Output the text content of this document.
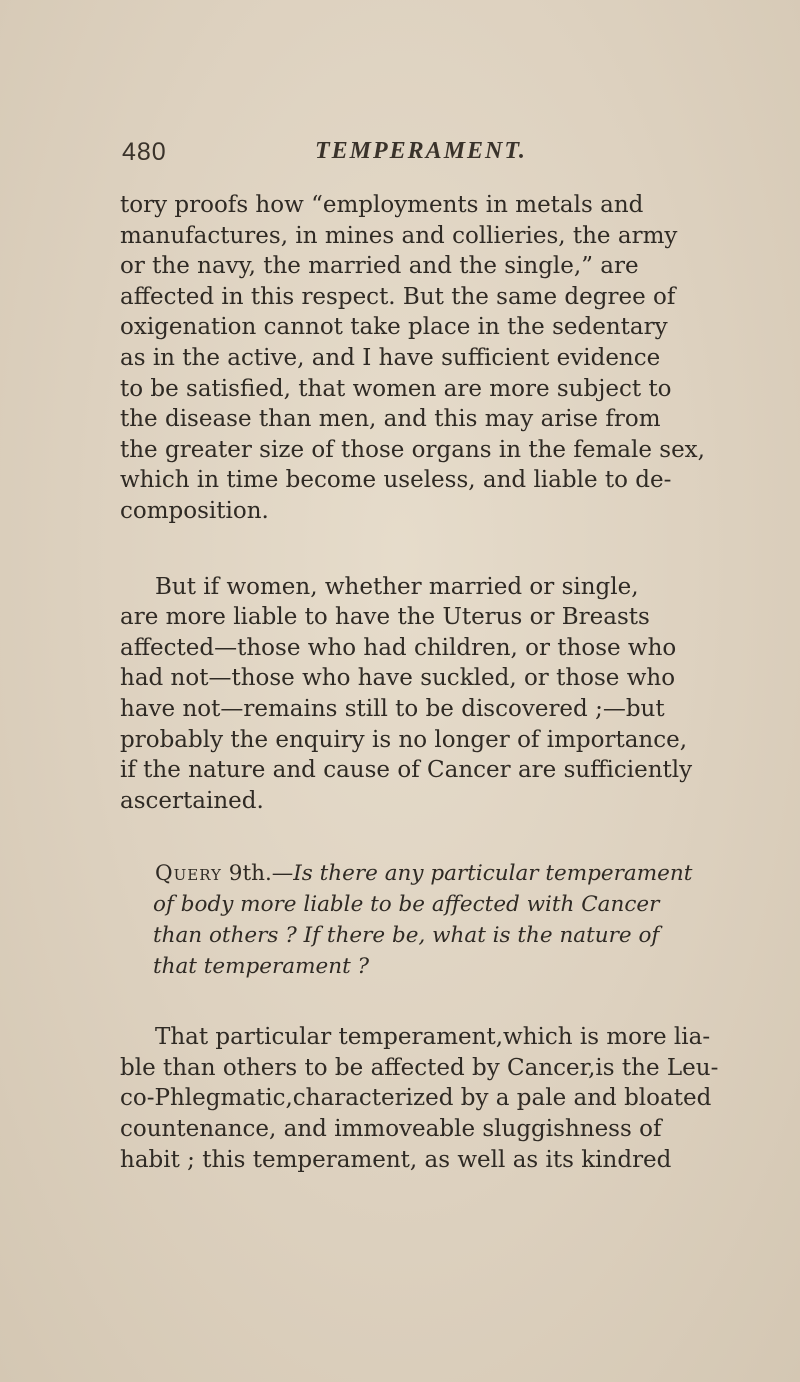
480	TEMPERAMENT.

tory proofs how “employments in metals and
manufactures, in mines and collieries, the army
or the navy, the married and the single,” are
affected in this respect. But the same degree of
oxigenation cannot take place in the sedentary
as in the active, and I have sufficient evidence
to be satisfied, that women are more subject to
the disease than men, and this may arise from
the greater size of those organs in the female sex,
which in time become useless, and liable to de-
composition.

But if women, whether married or single,
are more liable to have the Uterus or Breasts
affected—those who had children, or those who
had not—those who have suckled, or those who
have not—remains still to be discovered ;—but
probably the enquiry is no longer of importance,
if the nature and cause of Cancer are sufficiently
ascertained.

Query 9th.—Is there any particular temperament
of body more liable to be affected with Cancer
than others ? If there be, what is the nature of
that temperament ?

That particular temperament,which is more lia-
ble than others to be affected by Cancer,is the Leu-
co-Phlegmatic,characterized by a pale and bloated
countenance, and immoveable sluggishness of
habit ; this temperament, as well as its kindred
